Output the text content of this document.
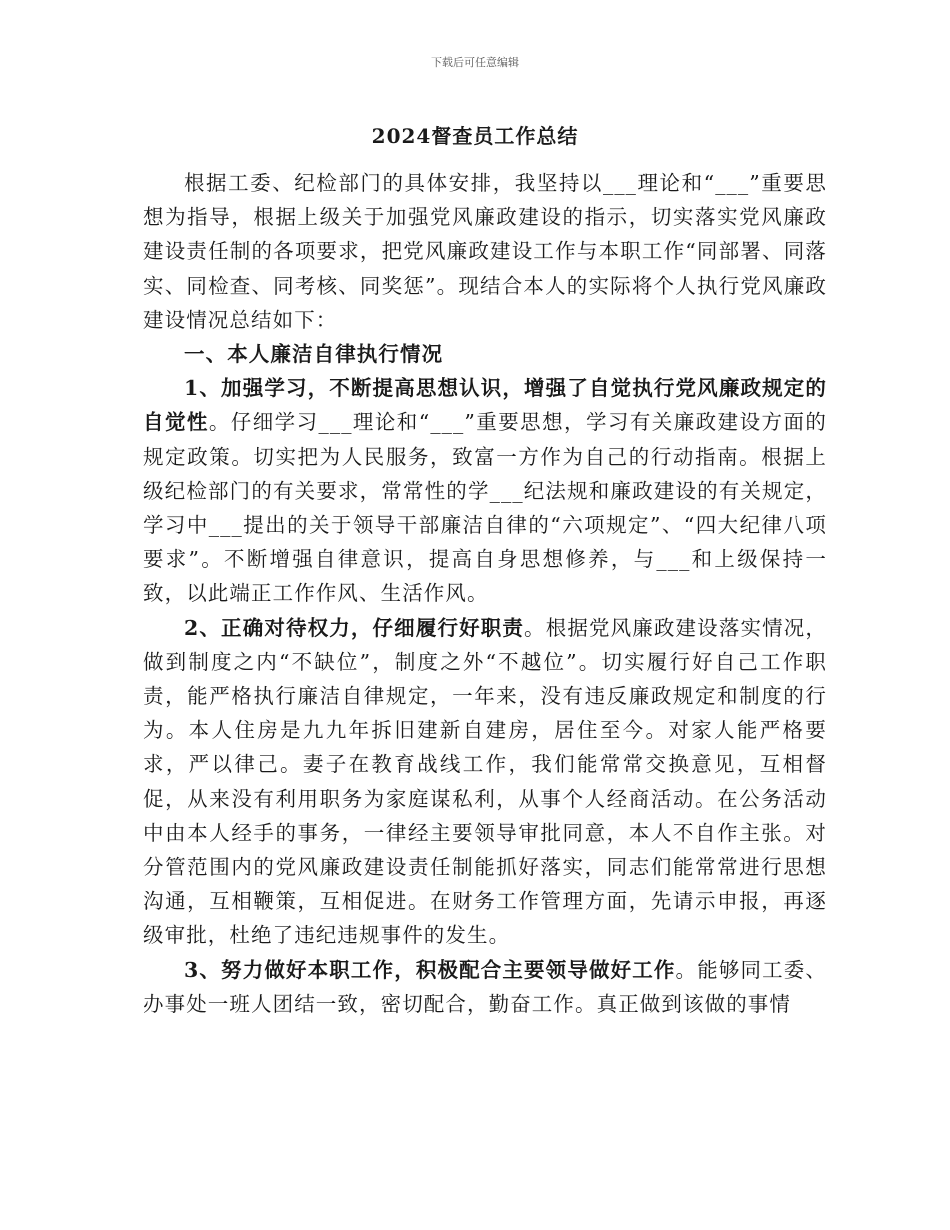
下载后可任意编辑
2024督查员工作总结

根据工委、纪检部门的具体安排，我坚持以___理论和“___”重要思想为指导，根据上级关于加强党风廉政建设的指示，切实落实党风廉政建设责任制的各项要求，把党风廉政建设工作与本职工作“同部署、同落实、同检查、同考核、同奖惩”。现结合本人的实际将个人执行党风廉政建设情况总结如下：

一、本人廉洁自律执行情况

1、加强学习，不断提高思想认识，增强了自觉执行党风廉政规定的自觉性。仔细学习___理论和“___”重要思想，学习有关廉政建设方面的规定政策。切实把为人民服务，致富一方作为自己的行动指南。根据上级纪检部门的有关要求，常常性的学___纪法规和廉政建设的有关规定，学习中___提出的关于领导干部廉洁自律的“六项规定”、“四大纪律八项要求”。不断增强自律意识，提高自身思想修养，与___和上级保持一致，以此端正工作作风、生活作风。

2、正确对待权力，仔细履行好职责。根据党风廉政建设落实情况，做到制度之内“不缺位”，制度之外“不越位”。切实履行好自己工作职责，能严格执行廉洁自律规定，一年来，没有违反廉政规定和制度的行为。本人住房是九九年拆旧建新自建房，居住至今。对家人能严格要求，严以律己。妻子在教育战线工作，我们能常常交换意见，互相督促，从来没有利用职务为家庭谋私利，从事个人经商活动。在公务活动中由本人经手的事务，一律经主要领导审批同意，本人不自作主张。对分管范围内的党风廉政建设责任制能抓好落实，同志们能常常进行思想沟通，互相鞭策，互相促进。在财务工作管理方面，先请示申报，再逐级审批，杜绝了违纪违规事件的发生。

3、努力做好本职工作，积极配合主要领导做好工作。能够同工委、办事处一班人团结一致，密切配合，勤奋工作。真正做到该做的事情
